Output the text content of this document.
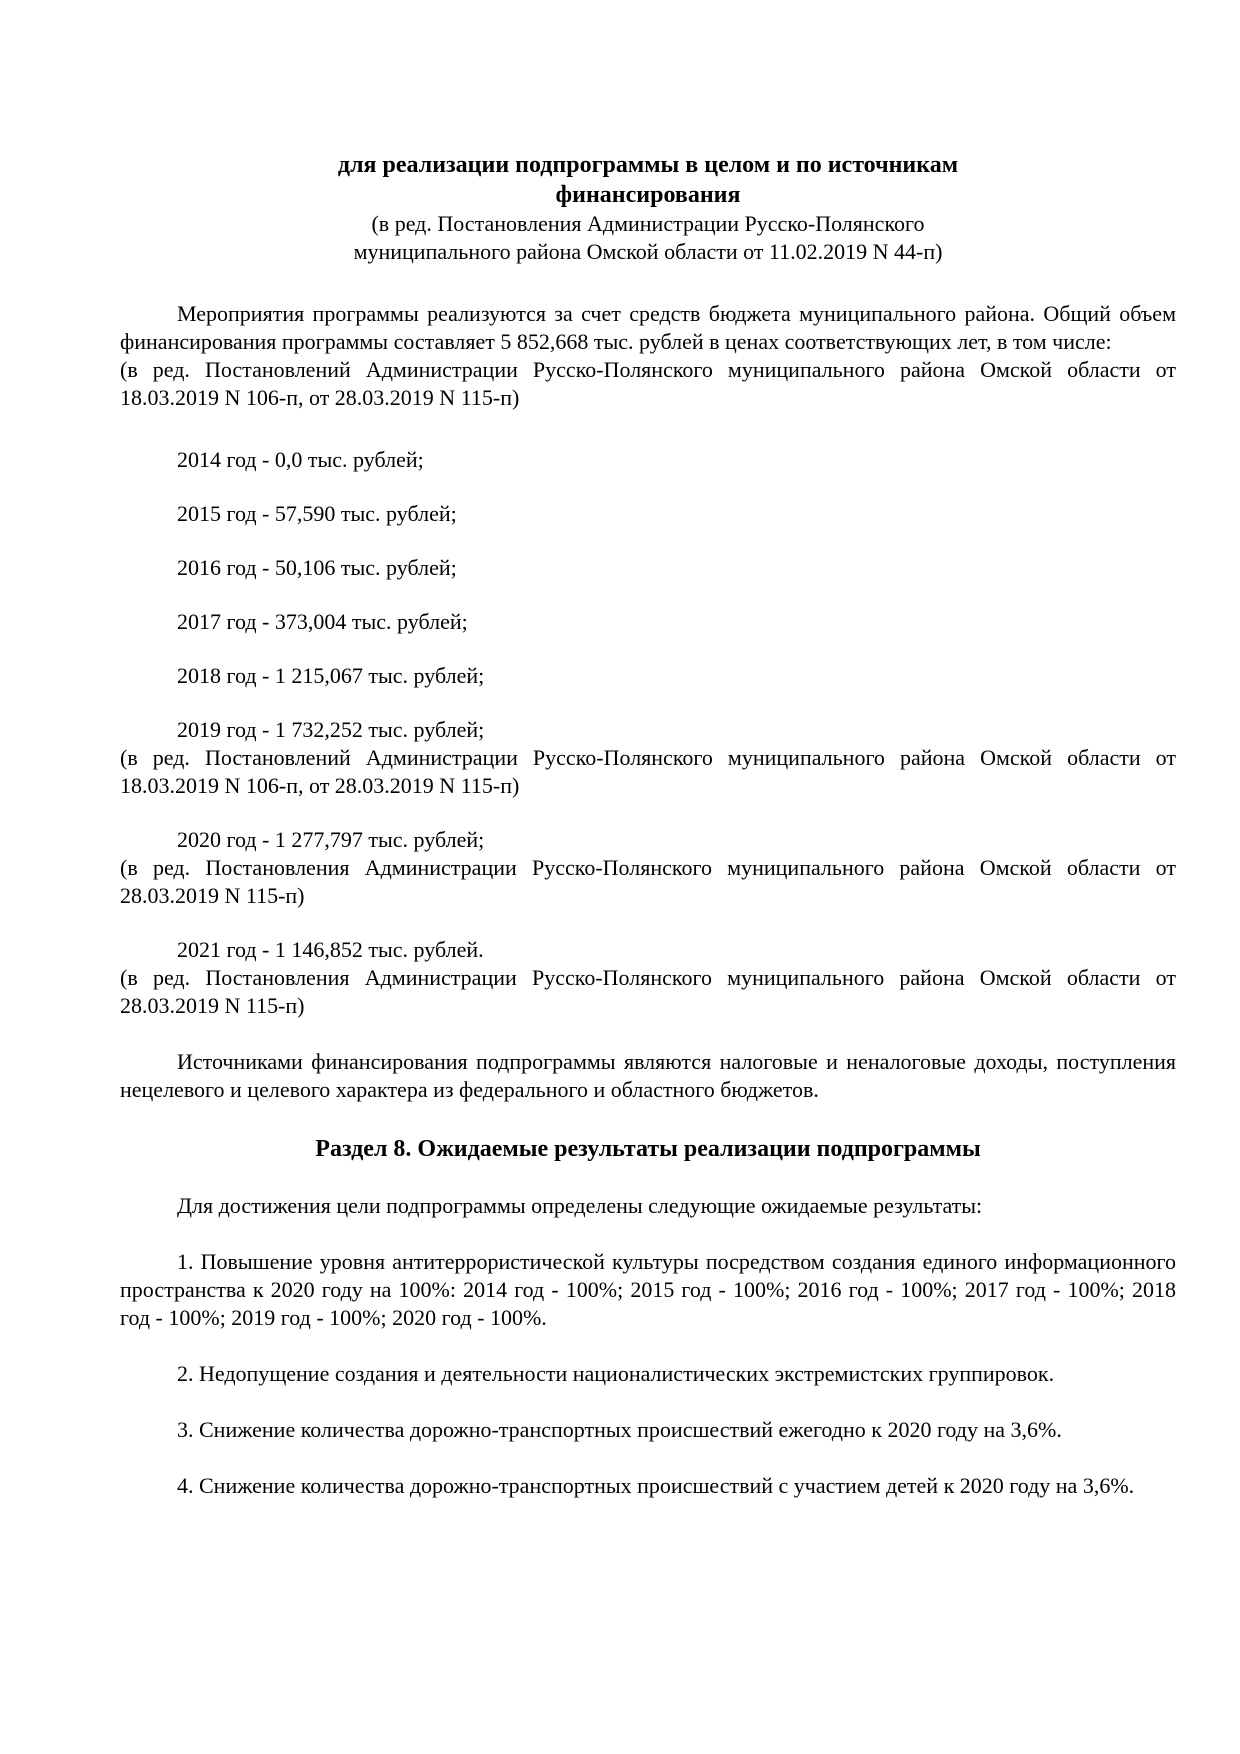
для реализации подпрограммы в целом и по источникам

финансирования

(в ред. Постановления Администрации Русско-Полянского

муниципального района Омской области от 11.02.2019 N 44-п)

Мероприятия программы реализуются за счет средств бюджета муниципального района. Общий объем финансирования программы составляет 5 852,668 тыс. рублей в ценах соответствующих лет, в том числе:

(в ред. Постановлений Администрации Русско-Полянского муниципального района Омской области от 18.03.2019 N 106-п, от 28.03.2019 N 115-п)

2014 год - 0,0 тыс. рублей;

2015 год - 57,590 тыс. рублей;

2016 год - 50,106 тыс. рублей;

2017 год - 373,004 тыс. рублей;

2018 год - 1 215,067 тыс. рублей;

2019 год - 1 732,252 тыс. рублей;

(в ред. Постановлений Администрации Русско-Полянского муниципального района Омской области от 18.03.2019 N 106-п, от 28.03.2019 N 115-п)

2020 год - 1 277,797 тыс. рублей;

(в ред. Постановления Администрации Русско-Полянского муниципального района Омской области от 28.03.2019 N 115-п)

2021 год - 1 146,852 тыс. рублей.

(в ред. Постановления Администрации Русско-Полянского муниципального района Омской области от 28.03.2019 N 115-п)

Источниками финансирования подпрограммы являются налоговые и неналоговые доходы, поступления нецелевого и целевого характера из федерального и областного бюджетов.

Раздел 8. Ожидаемые результаты реализации подпрограммы

Для достижения цели подпрограммы определены следующие ожидаемые результаты:

1. Повышение уровня антитеррористической культуры посредством создания единого информационного пространства к 2020 году на 100%: 2014 год - 100%; 2015 год - 100%; 2016 год - 100%; 2017 год - 100%; 2018 год - 100%; 2019 год - 100%; 2020 год - 100%.

2. Недопущение создания и деятельности националистических экстремистских группировок.

3. Снижение количества дорожно-транспортных происшествий ежегодно к 2020 году на 3,6%.

4. Снижение количества дорожно-транспортных происшествий с участием детей к 2020 году на 3,6%.
